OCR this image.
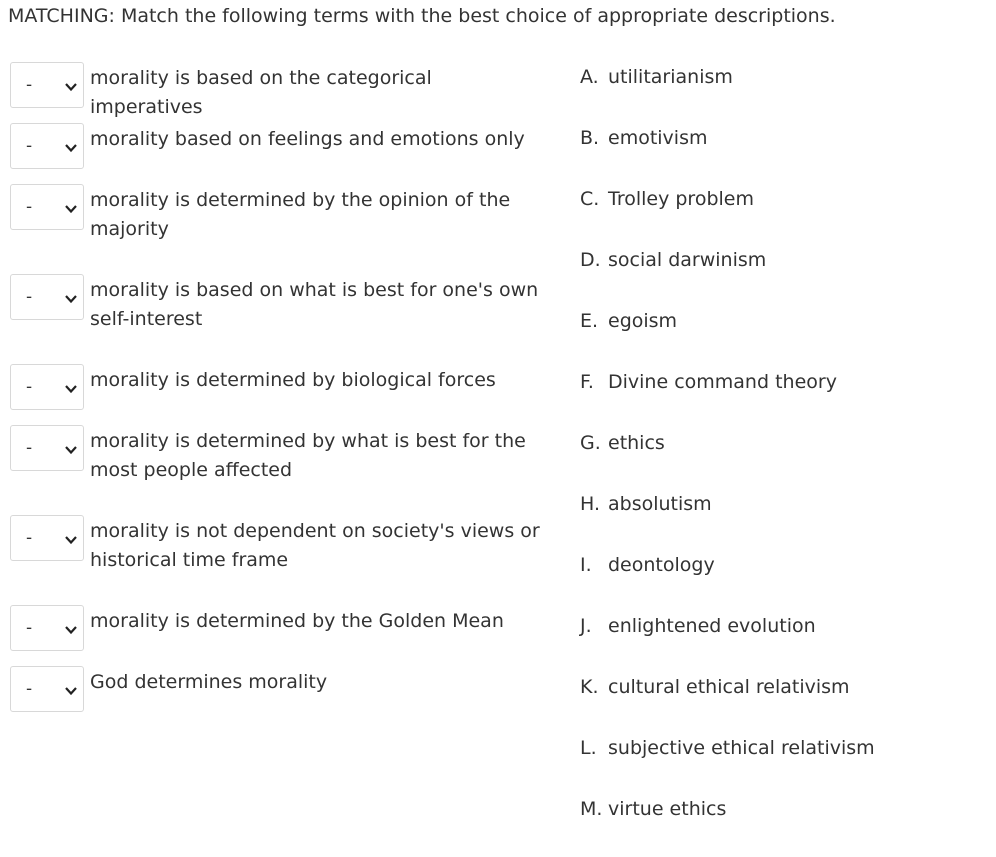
MATCHING: Match the following terms with the best choice of appropriate descriptions.
-	morality is based on the categorical imperatives

-	morality based on feelings and emotions only

-	morality is determined by the opinion of the
majority
-	morality is based on what is best for one's own
self-interest
-	morality is determined by biological forces

-	morality is determined by what is best for the
most people affected
-	morality is not dependent on society's views or
historical time frame
-	morality is determined by the Golden Mean

-	God determines morality

A. utilitarianism
B. emotivism
C. Trolley problem
D. social darwinism
E. egoism
F. Divine command theory
G. ethics
H. absolutism
I. deontology
J. enlightened evolution
K. cultural ethical relativism
L. subjective ethical relativism
M. virtue ethics
